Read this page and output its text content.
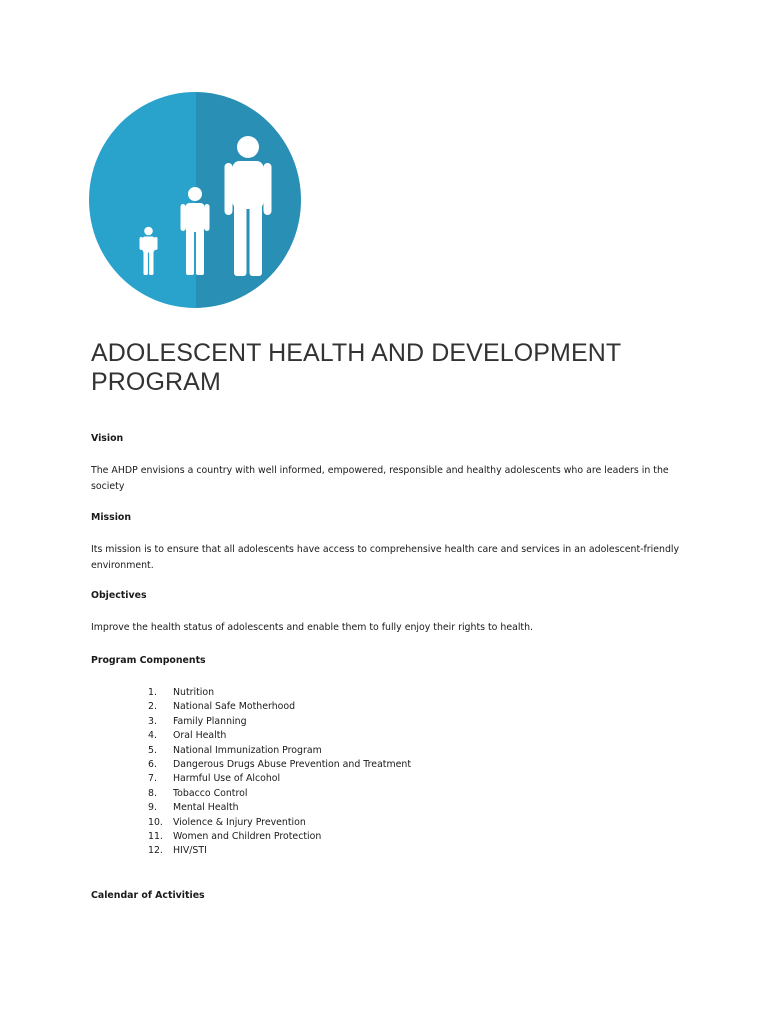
ADOLESCENT HEALTH AND DEVELOPMENT PROGRAM

Vision

The AHDP envisions a country with well informed, empowered, responsible and healthy adolescents who are leaders in the society

Mission

Its mission is to ensure that all adolescents have access to comprehensive health care and services in an adolescent-friendly environment.

Objectives

Improve the health status of adolescents and enable them to fully enjoy their rights to health.

Program Components

1. Nutrition
2. National Safe Motherhood
3. Family Planning
4. Oral Health
5. National Immunization Program
6. Dangerous Drugs Abuse Prevention and Treatment
7. Harmful Use of Alcohol
8. Tobacco Control
9. Mental Health
10. Violence & Injury Prevention
11. Women and Children Protection
12. HIV/STI

Calendar of Activities
